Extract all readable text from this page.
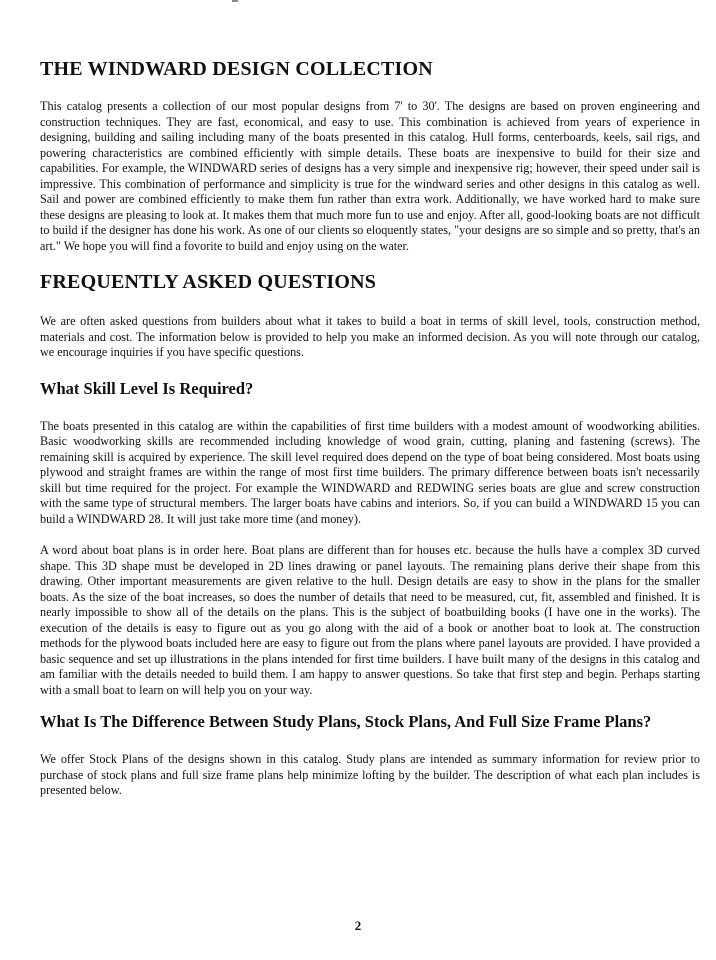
THE WINDWARD DESIGN COLLECTION

This catalog presents a collection of our most popular designs from 7' to 30'. The designs are based on proven engineering and construction techniques. They are fast, economical, and easy to use. This combination is achieved from years of experience in designing, building and sailing including many of the boats presented in this catalog. Hull forms, centerboards, keels, sail rigs, and powering characteristics are combined efficiently with simple details. These boats are inexpensive to build for their size and capabilities. For example, the WINDWARD series of designs has a very simple and inexpensive rig; however, their speed under sail is impressive. This combination of performance and simplicity is true for the windward series and other designs in this catalog as well. Sail and power are combined efficiently to make them fun rather than extra work. Additionally, we have worked hard to make sure these designs are pleasing to look at. It makes them that much more fun to use and enjoy. After all, good-looking boats are not difficult to build if the designer has done his work. As one of our clients so eloquently states, "your designs are so simple and so pretty, that's an art." We hope you will find a fovorite to build and enjoy using on the water.

FREQUENTLY ASKED QUESTIONS

We are often asked questions from builders about what it takes to build a boat in terms of skill level, tools, construction method, materials and cost. The information below is provided to help you make an informed decision. As you will note through our catalog, we encourage inquiries if you have specific questions.

What Skill Level Is Required?

The boats presented in this catalog are within the capabilities of first time builders with a modest amount of woodworking abilities. Basic woodworking skills are recommended including knowledge of wood grain, cutting, planing and fastening (screws). The remaining skill is acquired by experience. The skill level required does depend on the type of boat being considered. Most boats using plywood and straight frames are within the range of most first time builders. The primary difference between boats isn't necessarily skill but time required for the project. For example the WINDWARD and REDWING series boats are glue and screw construction with the same type of structural members. The larger boats have cabins and interiors. So, if you can build a WINDWARD 15 you can build a WINDWARD 28. It will just take more time (and money).

A word about boat plans is in order here. Boat plans are different than for houses etc. because the hulls have a complex 3D curved shape. This 3D shape must be developed in 2D lines drawing or panel layouts. The remaining plans derive their shape from this drawing. Other important measurements are given relative to the hull. Design details are easy to show in the plans for the smaller boats. As the size of the boat increases, so does the number of details that need to be measured, cut, fit, assembled and finished. It is nearly impossible to show all of the details on the plans. This is the subject of boatbuilding books (I have one in the works). The execution of the details is easy to figure out as you go along with the aid of a book or another boat to look at. The construction methods for the plywood boats included here are easy to figure out from the plans where panel layouts are provided. I have provided a basic sequence and set up illustrations in the plans intended for first time builders. I have built many of the designs in this catalog and am familiar with the details needed to build them. I am happy to answer questions. So take that first step and begin. Perhaps starting with a small boat to learn on will help you on your way.

What Is The Difference Between Study Plans, Stock Plans, And Full Size Frame Plans?

We offer Stock Plans of the designs shown in this catalog. Study plans are intended as summary information for review prior to purchase of stock plans and full size frame plans help minimize lofting by the builder. The description of what each plan includes is presented below.

2
